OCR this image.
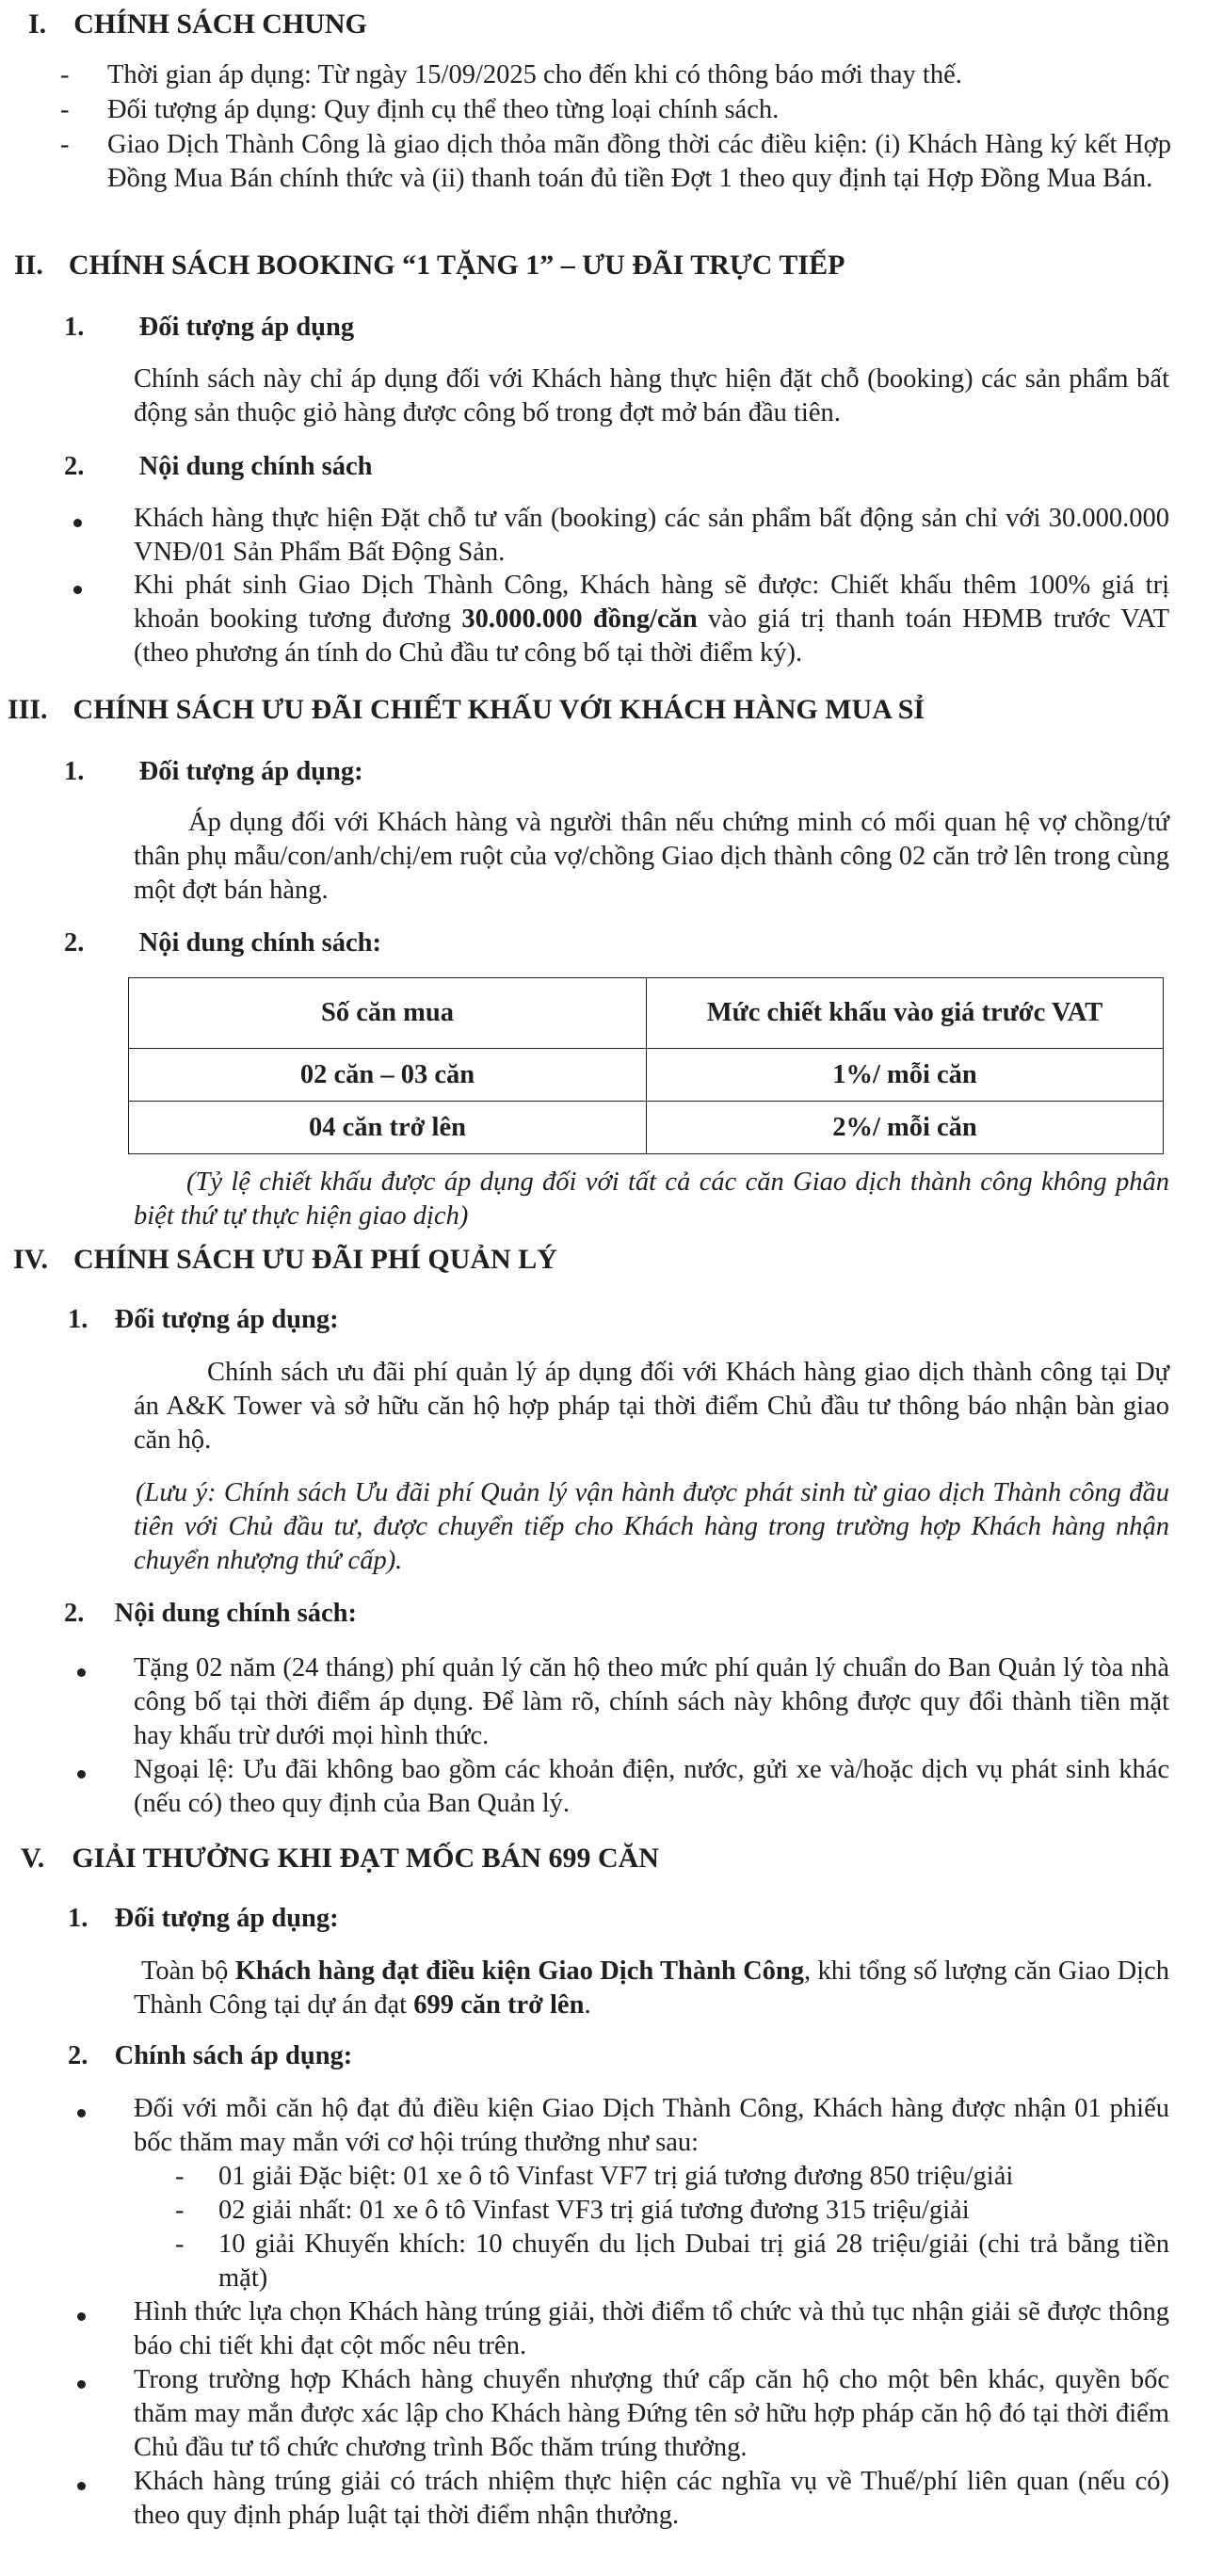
I. CHÍNH SÁCH CHUNG
-	Thời gian áp dụng: Từ ngày 15/09/2025 cho đến khi có thông báo mới thay thế.
-	Đối tượng áp dụng: Quy định cụ thể theo từng loại chính sách.
-	Giao Dịch Thành Công là giao dịch thỏa mãn đồng thời các điều kiện: (i) Khách Hàng ký kết Hợp Đồng Mua Bán chính thức và (ii) thanh toán đủ tiền Đợt 1 theo quy định tại Hợp Đồng Mua Bán.
II. CHÍNH SÁCH BOOKING “1 TẶNG 1” – ƯU ĐÃI TRỰC TIẾP
1. Đối tượng áp dụng
Chính sách này chỉ áp dụng đối với Khách hàng thực hiện đặt chỗ (booking) các sản phẩm bất động sản thuộc giỏ hàng được công bố trong đợt mở bán đầu tiên.
2. Nội dung chính sách
Khách hàng thực hiện Đặt chỗ tư vấn (booking) các sản phẩm bất động sản chỉ với 30.000.000 VNĐ/01 Sản Phẩm Bất Động Sản.
Khi phát sinh Giao Dịch Thành Công, Khách hàng sẽ được: Chiết khấu thêm 100% giá trị khoản booking tương đương 30.000.000 đồng/căn vào giá trị thanh toán HĐMB trước VAT (theo phương án tính do Chủ đầu tư công bố tại thời điểm ký).
III. CHÍNH SÁCH ƯU ĐÃI CHIẾT KHẤU VỚI KHÁCH HÀNG MUA SỈ
1. Đối tượng áp dụng:
Áp dụng đối với Khách hàng và người thân nếu chứng minh có mối quan hệ vợ chồng/tứ thân phụ mẫu/con/anh/chị/em ruột của vợ/chồng Giao dịch thành công 02 căn trở lên trong cùng một đợt bán hàng.
2. Nội dung chính sách:
Số căn mua	Mức chiết khấu vào giá trước VAT
02 căn – 03 căn	1%/ mỗi căn
04 căn trở lên	2%/ mỗi căn
(Tỷ lệ chiết khấu được áp dụng đối với tất cả các căn Giao dịch thành công không phân biệt thứ tự thực hiện giao dịch)
IV. CHÍNH SÁCH ƯU ĐÃI PHÍ QUẢN LÝ
1. Đối tượng áp dụng:
Chính sách ưu đãi phí quản lý áp dụng đối với Khách hàng giao dịch thành công tại Dự án A&K Tower và sở hữu căn hộ hợp pháp tại thời điểm Chủ đầu tư thông báo nhận bàn giao căn hộ.
(Lưu ý: Chính sách Ưu đãi phí Quản lý vận hành được phát sinh từ giao dịch Thành công đầu tiên với Chủ đầu tư, được chuyển tiếp cho Khách hàng trong trường hợp Khách hàng nhận chuyển nhượng thứ cấp).
2. Nội dung chính sách:
Tặng 02 năm (24 tháng) phí quản lý căn hộ theo mức phí quản lý chuẩn do Ban Quản lý tòa nhà công bố tại thời điểm áp dụng. Để làm rõ, chính sách này không được quy đổi thành tiền mặt hay khấu trừ dưới mọi hình thức.
Ngoại lệ: Ưu đãi không bao gồm các khoản điện, nước, gửi xe và/hoặc dịch vụ phát sinh khác (nếu có) theo quy định của Ban Quản lý.
V. GIẢI THƯỞNG KHI ĐẠT MỐC BÁN 699 CĂN
1. Đối tượng áp dụng:
Toàn bộ Khách hàng đạt điều kiện Giao Dịch Thành Công, khi tổng số lượng căn Giao Dịch Thành Công tại dự án đạt 699 căn trở lên.
2. Chính sách áp dụng:
Đối với mỗi căn hộ đạt đủ điều kiện Giao Dịch Thành Công, Khách hàng được nhận 01 phiếu bốc thăm may mắn với cơ hội trúng thưởng như sau:
-	01 giải Đặc biệt: 01 xe ô tô Vinfast VF7 trị giá tương đương 850 triệu/giải
-	02 giải nhất: 01 xe ô tô Vinfast VF3 trị giá tương đương 315 triệu/giải
-	10 giải Khuyến khích: 10 chuyến du lịch Dubai trị giá 28 triệu/giải (chi trả bằng tiền mặt)
Hình thức lựa chọn Khách hàng trúng giải, thời điểm tổ chức và thủ tục nhận giải sẽ được thông báo chi tiết khi đạt cột mốc nêu trên.
Trong trường hợp Khách hàng chuyển nhượng thứ cấp căn hộ cho một bên khác, quyền bốc thăm may mắn được xác lập cho Khách hàng Đứng tên sở hữu hợp pháp căn hộ đó tại thời điểm Chủ đầu tư tổ chức chương trình Bốc thăm trúng thưởng.
Khách hàng trúng giải có trách nhiệm thực hiện các nghĩa vụ về Thuế/phí liên quan (nếu có) theo quy định pháp luật tại thời điểm nhận thưởng.
